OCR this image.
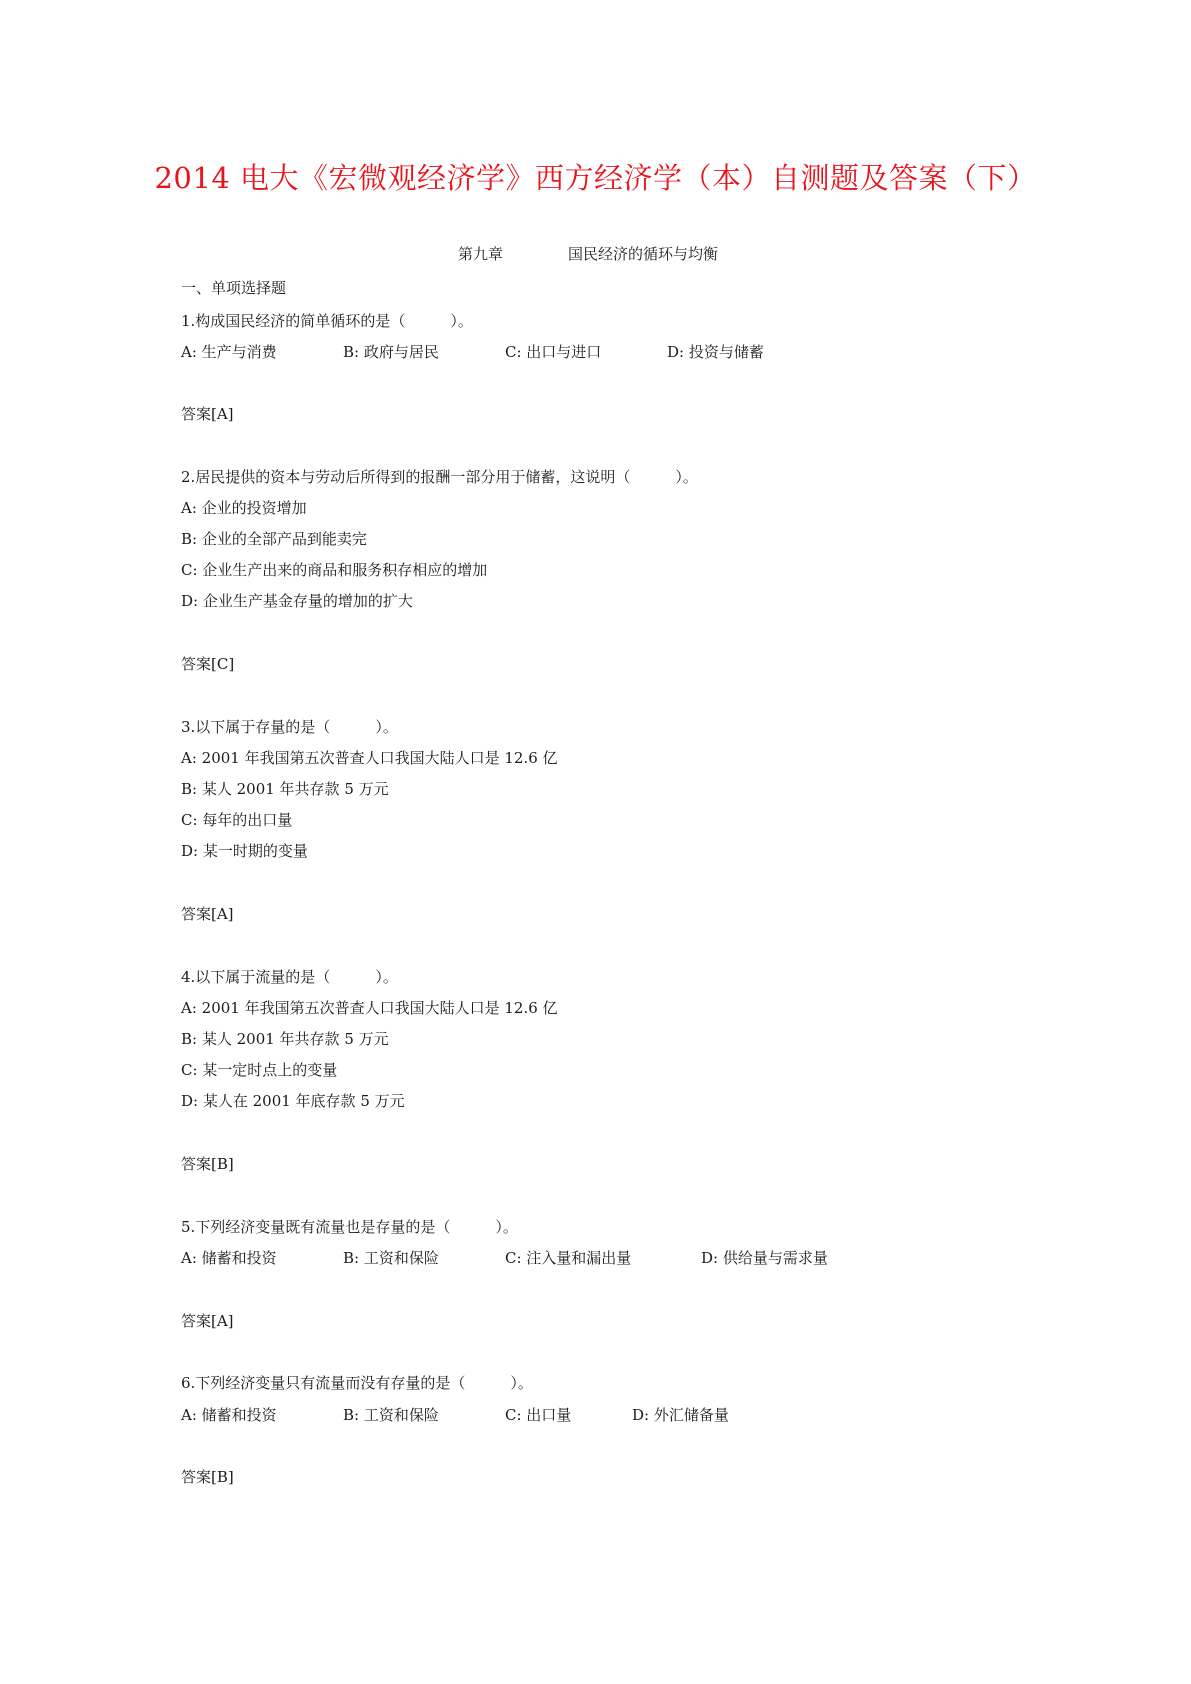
2014 电大《宏微观经济学》西方经济学（本）自测题及答案（下）
第九章	国民经济的循环与均衡
一、单项选择题
1.构成国民经济的简单循环的是（　　　）。
A: 生产与消费	B: 政府与居民	C: 出口与进口	D: 投资与储蓄
答案[A]
2.居民提供的资本与劳动后所得到的报酬一部分用于储蓄，这说明（　　　）。
A: 企业的投资增加
B: 企业的全部产品到能卖完
C: 企业生产出来的商品和服务积存相应的增加
D: 企业生产基金存量的增加的扩大
答案[C]
3.以下属于存量的是（　　　）。
A: 2001 年我国第五次普查人口我国大陆人口是 12.6 亿
B: 某人 2001 年共存款 5 万元
C: 每年的出口量
D: 某一时期的变量
答案[A]
4.以下属于流量的是（　　　）。
A: 2001 年我国第五次普查人口我国大陆人口是 12.6 亿
B: 某人 2001 年共存款 5 万元
C: 某一定时点上的变量
D: 某人在 2001 年底存款 5 万元
答案[B]
5.下列经济变量既有流量也是存量的是（　　　）。
A: 储蓄和投资	B: 工资和保险	C: 注入量和漏出量	D: 供给量与需求量
答案[A]
6.下列经济变量只有流量而没有存量的是（　　　）。
A: 储蓄和投资	B: 工资和保险	C: 出口量	D: 外汇储备量
答案[B]
